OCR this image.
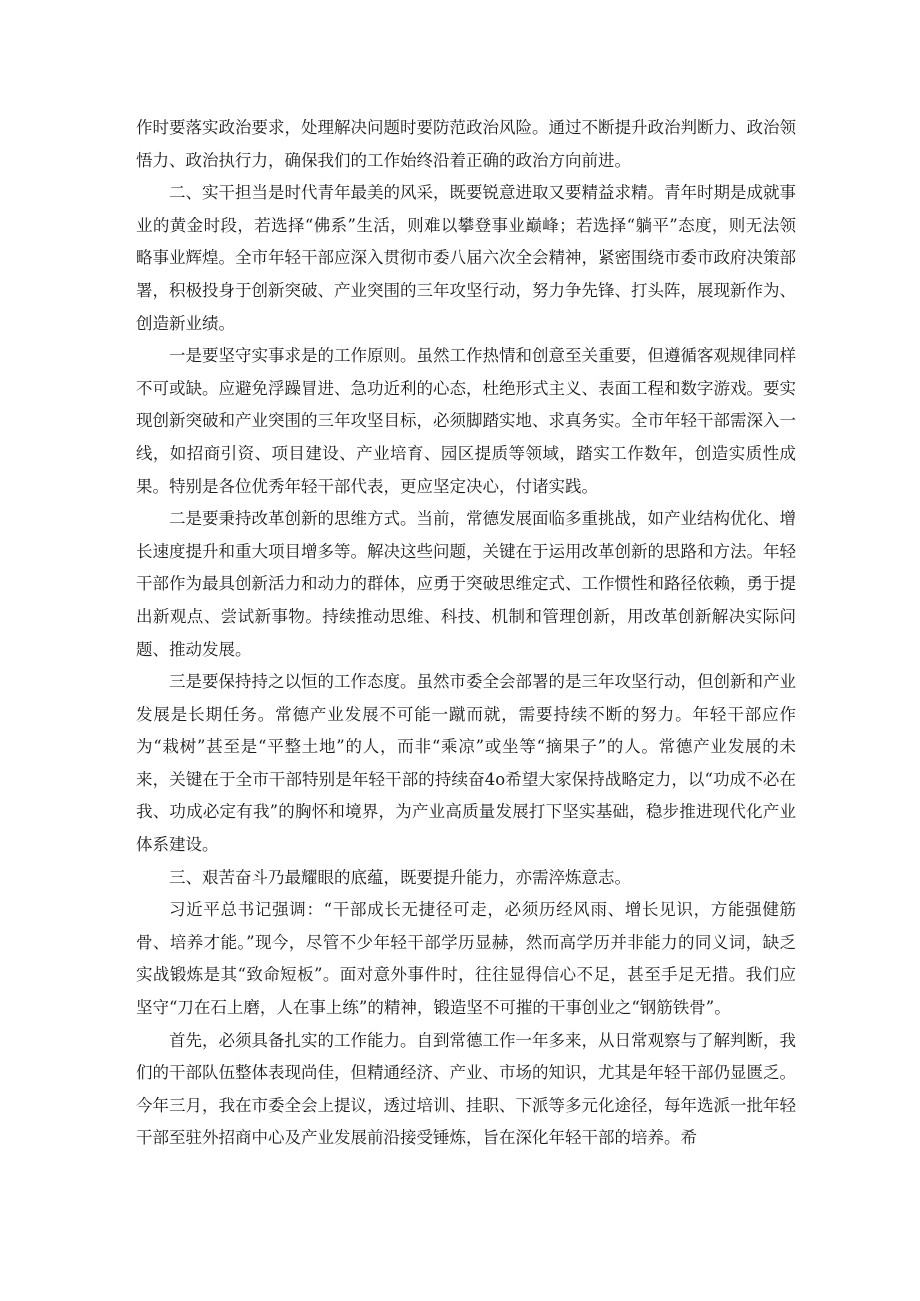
作时要落实政治要求，处理解决问题时要防范政治风险。通过不断提升政治判断力、政治领悟力、政治执行力，确保我们的工作始终沿着正确的政治方向前进。

二、实干担当是时代青年最美的风采，既要锐意进取又要精益求精。青年时期是成就事业的黄金时段，若选择“佛系”生活，则难以攀登事业巅峰；若选择“躺平”态度，则无法领略事业辉煌。全市年轻干部应深入贯彻市委八届六次全会精神，紧密围绕市委市政府决策部署，积极投身于创新突破、产业突围的三年攻坚行动，努力争先锋、打头阵，展现新作为、创造新业绩。

一是要坚守实事求是的工作原则。虽然工作热情和创意至关重要，但遵循客观规律同样不可或缺。应避免浮躁冒进、急功近利的心态，杜绝形式主义、表面工程和数字游戏。要实现创新突破和产业突围的三年攻坚目标，必须脚踏实地、求真务实。全市年轻干部需深入一线，如招商引资、项目建设、产业培育、园区提质等领域，踏实工作数年，创造实质性成果。特别是各位优秀年轻干部代表，更应坚定决心，付诸实践。

二是要秉持改革创新的思维方式。当前，常德发展面临多重挑战，如产业结构优化、增长速度提升和重大项目增多等。解决这些问题，关键在于运用改革创新的思路和方法。年轻干部作为最具创新活力和动力的群体，应勇于突破思维定式、工作惯性和路径依赖，勇于提出新观点、尝试新事物。持续推动思维、科技、机制和管理创新，用改革创新解决实际问题、推动发展。

三是要保持持之以恒的工作态度。虽然市委全会部署的是三年攻坚行动，但创新和产业发展是长期任务。常德产业发展不可能一蹴而就，需要持续不断的努力。年轻干部应作为“栽树”甚至是“平整土地”的人，而非“乘凉”或坐等“摘果子”的人。常德产业发展的未来，关键在于全市干部特别是年轻干部的持续奋4o希望大家保持战略定力，以“功成不必在我、功成必定有我”的胸怀和境界，为产业高质量发展打下坚实基础，稳步推进现代化产业体系建设。

三、艰苦奋斗乃最耀眼的底蕴，既要提升能力，亦需淬炼意志。

习近平总书记强调：“干部成长无捷径可走，必须历经风雨、增长见识，方能强健筋骨、培养才能。”现今，尽管不少年轻干部学历显赫，然而高学历并非能力的同义词，缺乏实战锻炼是其“致命短板”。面对意外事件时，往往显得信心不足，甚至手足无措。我们应坚守“刀在石上磨，人在事上练”的精神，锻造坚不可摧的干事创业之“钢筋铁骨”。

首先，必须具备扎实的工作能力。自到常德工作一年多来，从日常观察与了解判断，我们的干部队伍整体表现尚佳，但精通经济、产业、市场的知识，尤其是年轻干部仍显匮乏。今年三月，我在市委全会上提议，透过培训、挂职、下派等多元化途径，每年选派一批年轻干部至驻外招商中心及产业发展前沿接受锤炼，旨在深化年轻干部的培养。希
